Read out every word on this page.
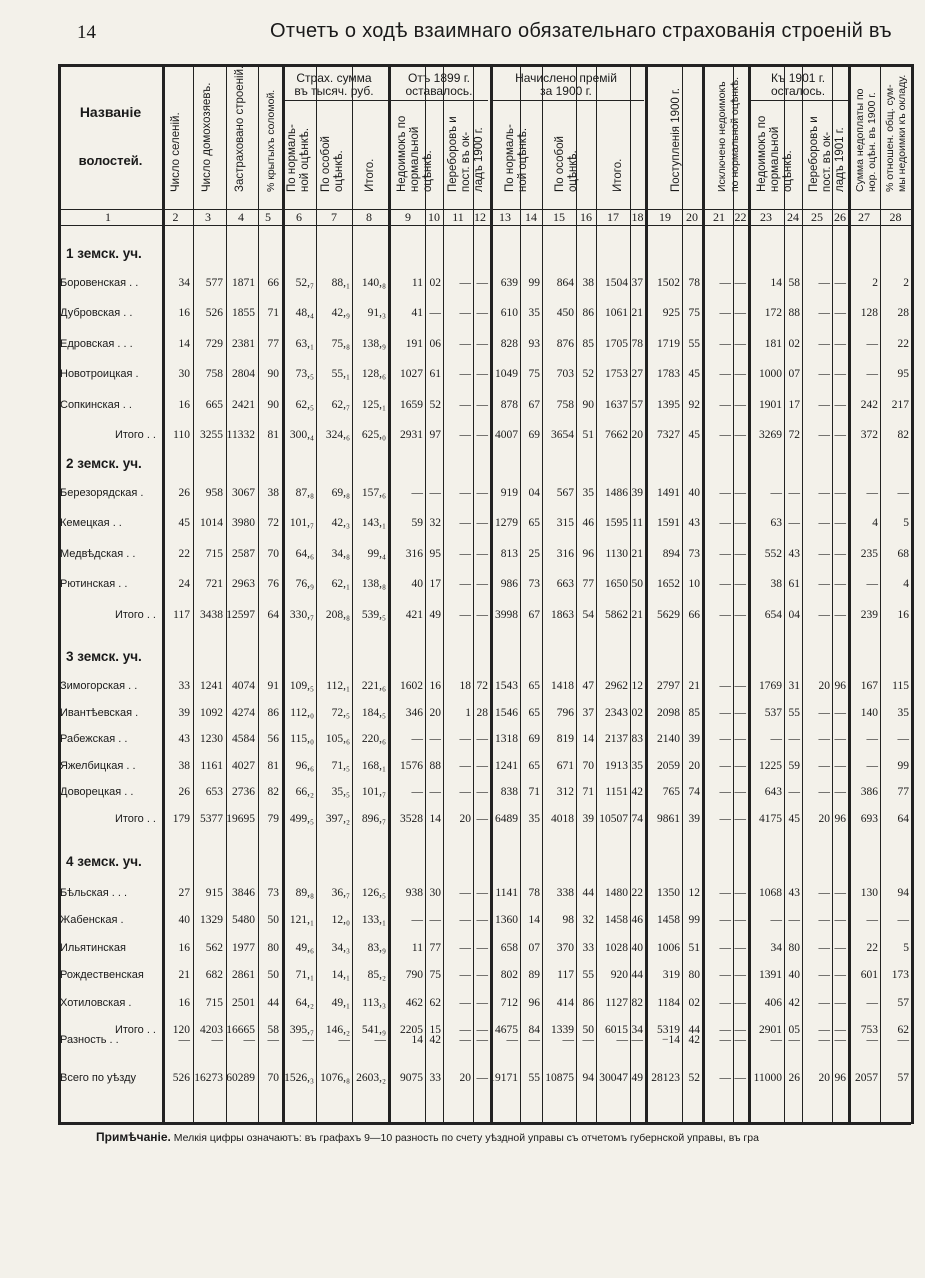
14	Отчетъ о ходѣ взаимнаго обязательнаго страхованія строеній въ
Названіе
волостей.	Число селеній. Число домохозяевъ. Застраховано строеній. % крытыхъ соломой.
Страх. сумма
въ тысяч. руб.
По нормаль- ной оцѣнкѣ. По особой оцѣнкѣ. Итого.
Отъ 1899 г.
оставалось.
Недоимокъ по нормальной оцѣнкѣ. Переборовъ и пост. въ ок- ладъ 1900 г.
Начислено премій
за 1900 г.
По нормаль- ной оцѣнкѣ. По особой оцѣнкѣ.	Итого.	Поступленія 1900 г.	Исключено недоимокъ по нормальной оцѣнкѣ.	Къ 1901 г.
осталось.
Недоимокъ по нормальной оцѣнкѣ. Переборовъ и пост. въ ок- ладъ 1901 г. Сумма недоплаты по нор. оцѣн. въ 1900 г. % отношен. общ. сум- мы недоимки къ окладу.
1	2	3	4	5	6	7	8	9	10	11 12	13	14	15	16	17	18	19	20	21 22	23	24	25 26	27	28
1 земск. уч.
Боровенская . .	34	577 1871	66	52,₇	88,₁	140,₈	11 02	— —	639 99	864 38 1504 37	1502 78	— —	14 58	— —	2	2
Дубровская . .	16	526 1855	71	48,₄	42,₉	91,₃	41 —	— —	610 35	450 86 1061 21	925 75	— —	172 88	— —	128	28
Едровская . . .	14	729 2381	77	63,₁	75,₈	138,₉	191 06	— —	828 93	876 85 1705 78	1719 55	— —	181 02	— —	—	22
Новотроицкая .	30	758 2804	90	73,₅	55,₁	128,₆	1027 61	— — 1049 75	703 52 1753 27	1783 45	— —	1000 07	— —	—	95
Сопкинская . .	16	665 2421	90	62,₅	62,₇	125,₁	1659 52	— —	878 67	758 90 1637 57	1395 92	— —	1901 17	— —	242	217
Итого . .	110 3255 11332	81 300,₄	324,₆	625,₀	2931 97	— — 4007 69 3654 51 7662 20	7327 45	— —	3269 72	— —	372	82
2 земск. уч.
Березорядская .	26	958 3067	38	87,₈	69,₈	157,₆	— —	— —	919 04	567 35 1486 39	1491 40	— —	— —	— —	—	—
Кемецкая . .	45 1014 3980	72 101,₇	42,₃	143,₁	59 32	— — 1279 65	315 46 1595 11	1591 43	— —	63 —	— —	4	5
Медвѣдская . .	22	715 2587	70	64,₆	34,₈	99,₄	316 95	— —	813 25	316 96 1130 21	894 73	— —	552 43	— —	235	68
Рютинская . .	24	721 2963	76	76,₉	62,₁	138,₈	40 17	— —	986 73	663 77 1650 50	1652 10	— —	38 61	— —	—	4
Итого . .	117 3438 12597	64 330,₇	208,₈	539,₅	421 49	— — 3998 67 1863 54 5862 21	5629 66	— —	654 04	— —	239	16
3 земск. уч.
Зимогорская . .	33 1241 4074	91 109,₅	112,₁	221,₆	1602 16	18 72 1543 65 1418 47 2962 12	2797 21	— —	1769 31	20 96	167	115
Ивантѣевская .	39 1092 4274	86 112,₀	72,₅	184,₅	346 20	1 28 1546 65	796 37 2343 02	2098 85	— —	537 55	— —	140	35
Рабежская . .	43 1230 4584	56 115,₀	105,₆	220,₆	— —	— — 1318 69	819 14 2137 83	2140 39	— —	— —	— —	—	—
Яжелбицкая . .	38 1161 4027	81	96,₆	71,₅	168,₁	1576 88	— — 1241 65	671 70 1913 35	2059 20	— —	1225 59	— —	—	99
Доворецкая . .	26	653 2736	82	66,₂	35,₅	101,₇	— —	— —	838 71	312 71 1151 42	765 74	— —	643 —	— —	386	77
Итого . .	179 5377 19695	79 499,₅	397,₂	896,₇	3528 14	20 — 6489 35 4018 39 10507 74	9861 39	— —	4175 45	20 96	693	64
4 земск. уч.
Бѣльская . . .	27	915 3846	73	89,₈	36,₇	126,₅	938 30	— — 1141 78	338 44 1480 22	1350 12	— —	1068 43	— —	130	94
Жабенская .	40 1329 5480	50 121,₁	12,₀	133,₁	— —	— — 1360 14	98 32 1458 46	1458 99	— —	— —	— —	—	—
Ильятинская	16	562 1977	80	49,₆	34,₃	83,₉	11 77	— —	658 07	370 33 1028 40	1006 51	— —	34 80	— —	22	5
Рождественская	21	682 2861	50	71,₁	14,₁	85,₂	790 75	— —	802 89	117 55	920 44	319 80	— —	1391 40	— —	601	173
Хотиловская .	16	715 2501	44	64,₂	49,₁	113,₃	462 62	— —	712 96	414 86 1127 82	1184 02	— —	406 42	— —	—	57
Итого . .	120 4203 16665	58 395,₇	146,₂	541,₉	2205 15	— — 4675 84 1339 50 6015 34	5319 44	— —	2901 05	— —	753	62
Разность . .	—	—	—	—	—	—	—	14 42	— —	— —	— —	— —	−14 42	— —	— —	— —	—	—
Всего по уѣзду	526 16273 60289	70 1526,₃ 1076,₈ 2603,₂	9075 33	20 — 19171 55 10875 94 30047 49 28123 52	— — 11000 26	20 96 2057	57
Примѣчаніе. Мелкія цифры означаютъ: въ графахъ 9—10 разность по счету уѣздной управы съ отчетомъ губернской управы, въ гра
